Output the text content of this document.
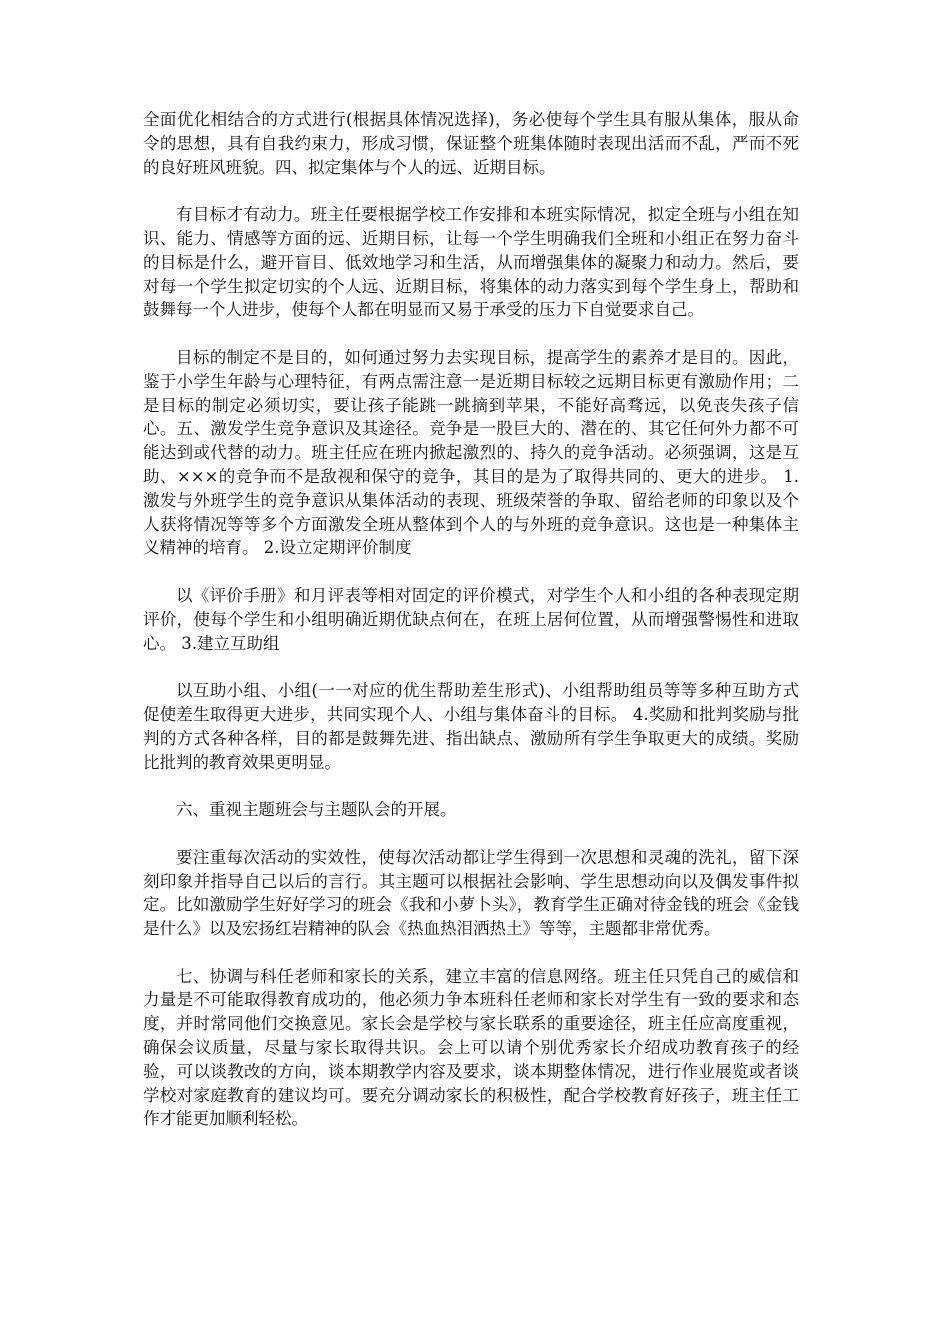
全面优化相结合的方式进行(根据具体情况选择)，务必使每个学生具有服从集体，服从命令的思想，具有自我约束力，形成习惯，保证整个班集体随时表现出活而不乱，严而不死的良好班风班貌。四、拟定集体与个人的远、近期目标。

有目标才有动力。班主任要根据学校工作安排和本班实际情况，拟定全班与小组在知识、能力、情感等方面的远、近期目标，让每一个学生明确我们全班和小组正在努力奋斗的目标是什么，避开盲目、低效地学习和生活，从而增强集体的凝聚力和动力。然后，要对每一个学生拟定切实的个人远、近期目标，将集体的动力落实到每个学生身上，帮助和鼓舞每一个人进步，使每个人都在明显而又易于承受的压力下自觉要求自己。

目标的制定不是目的，如何通过努力去实现目标，提高学生的素养才是目的。因此，鉴于小学生年龄与心理特征，有两点需注意一是近期目标较之远期目标更有激励作用；二是目标的制定必须切实，要让孩子能跳一跳摘到苹果，不能好高骛远，以免丧失孩子信心。五、激发学生竞争意识及其途径。竞争是一股巨大的、潜在的、其它任何外力都不可能达到或代替的动力。班主任应在班内掀起激烈的、持久的竞争活动。必须强调，这是互助、×××的竞争而不是敌视和保守的竞争，其目的是为了取得共同的、更大的进步。 1.激发与外班学生的竞争意识从集体活动的表现、班级荣誉的争取、留给老师的印象以及个人获将情况等等多个方面激发全班从整体到个人的与外班的竞争意识。这也是一种集体主义精神的培育。 2.设立定期评价制度

以《评价手册》和月评表等相对固定的评价模式，对学生个人和小组的各种表现定期评价，使每个学生和小组明确近期优缺点何在，在班上居何位置，从而增强警惕性和进取心。 3.建立互助组

以互助小组、小组(一一对应的优生帮助差生形式)、小组帮助组员等等多种互助方式促使差生取得更大进步，共同实现个人、小组与集体奋斗的目标。 4.奖励和批判奖励与批判的方式各种各样，目的都是鼓舞先进、指出缺点、激励所有学生争取更大的成绩。奖励比批判的教育效果更明显。

六、重视主题班会与主题队会的开展。

要注重每次活动的实效性，使每次活动都让学生得到一次思想和灵魂的洗礼，留下深刻印象并指导自己以后的言行。其主题可以根据社会影响、学生思想动向以及偶发事件拟定。比如激励学生好好学习的班会《我和小萝卜头》，教育学生正确对待金钱的班会《金钱是什么》以及宏扬红岩精神的队会《热血热泪洒热土》等等，主题都非常优秀。

七、协调与科任老师和家长的关系，建立丰富的信息网络。班主任只凭自己的威信和力量是不可能取得教育成功的，他必须力争本班科任老师和家长对学生有一致的要求和态度，并时常同他们交换意见。家长会是学校与家长联系的重要途径，班主任应高度重视，确保会议质量，尽量与家长取得共识。会上可以请个别优秀家长介绍成功教育孩子的经验，可以谈教改的方向，谈本期教学内容及要求，谈本期整体情况，进行作业展览或者谈学校对家庭教育的建议均可。要充分调动家长的积极性，配合学校教育好孩子，班主任工作才能更加顺利轻松。
